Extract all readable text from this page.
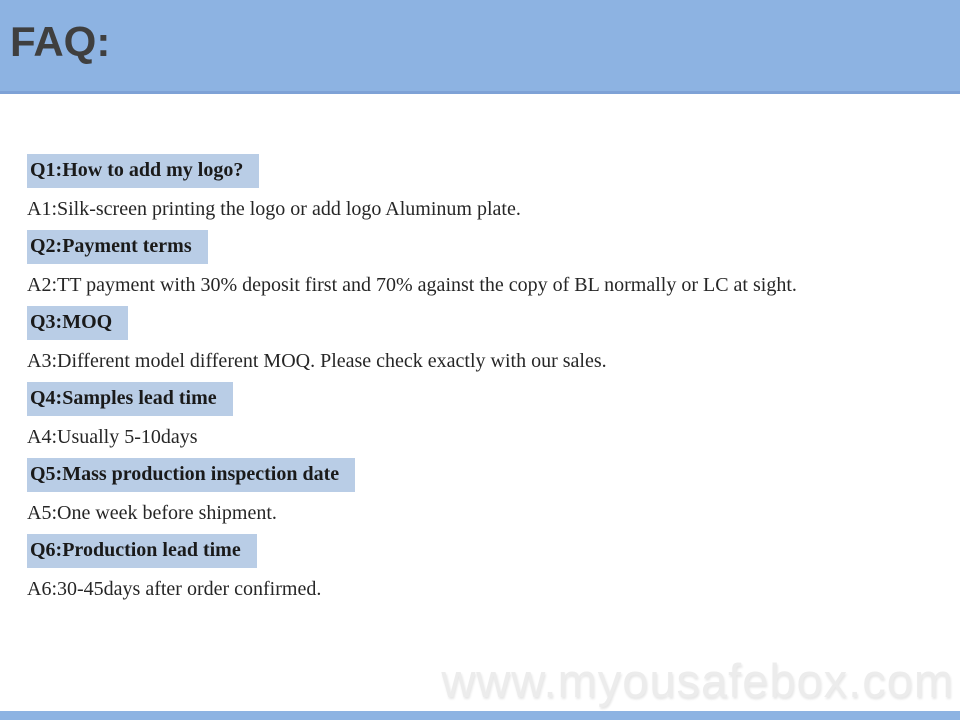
FAQ:
Q1:How to add my logo?
A1:Silk-screen printing the logo or add logo Aluminum plate.
Q2:Payment terms
A2:TT payment with 30% deposit first and 70% against the copy of BL normally or LC at sight.
Q3:MOQ
A3:Different model different MOQ. Please check exactly with our sales.
Q4:Samples lead time
A4:Usually 5-10days
Q5:Mass production inspection date
A5:One week before shipment.
Q6:Production lead time
A6:30-45days after order confirmed.
www.myousafebox.com
